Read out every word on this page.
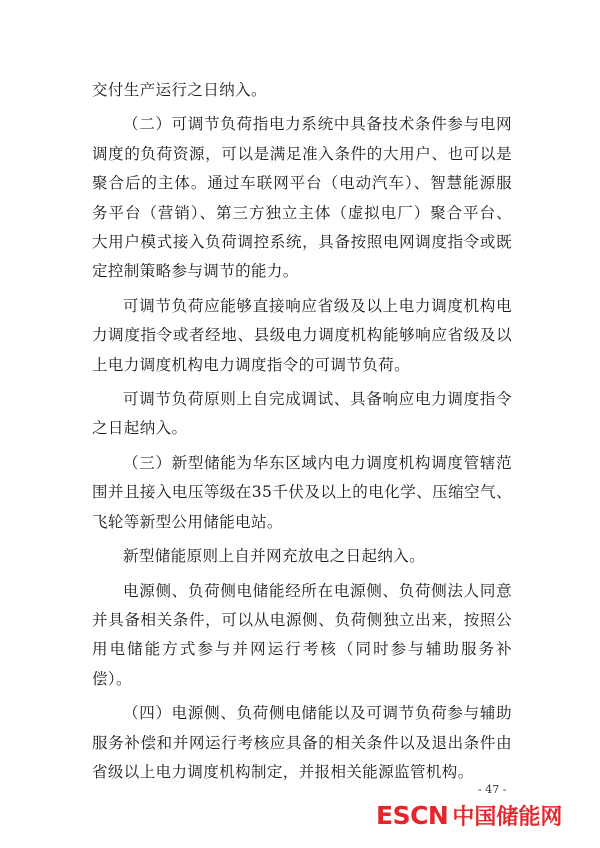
交付生产运行之日纳入。

（二）可调节负荷指电力系统中具备技术条件参与电网调度的负荷资源，可以是满足准入条件的大用户、也可以是聚合后的主体。通过车联网平台（电动汽车）、智慧能源服务平台（营销）、第三方独立主体（虚拟电厂）聚合平台、大用户模式接入负荷调控系统，具备按照电网调度指令或既定控制策略参与调节的能力。

可调节负荷应能够直接响应省级及以上电力调度机构电力调度指令或者经地、县级电力调度机构能够响应省级及以上电力调度机构电力调度指令的可调节负荷。

可调节负荷原则上自完成调试、具备响应电力调度指令之日起纳入。

（三）新型储能为华东区域内电力调度机构调度管辖范围并且接入电压等级在35千伏及以上的电化学、压缩空气、飞轮等新型公用储能电站。

新型储能原则上自并网充放电之日起纳入。

电源侧、负荷侧电储能经所在电源侧、负荷侧法人同意并具备相关条件，可以从电源侧、负荷侧独立出来，按照公用电储能方式参与并网运行考核（同时参与辅助服务补偿）。

（四）电源侧、负荷侧电储能以及可调节负荷参与辅助服务补偿和并网运行考核应具备的相关条件以及退出条件由省级以上电力调度机构制定，并报相关能源监管机构。

- 47 -
ESCN 中国储能网
